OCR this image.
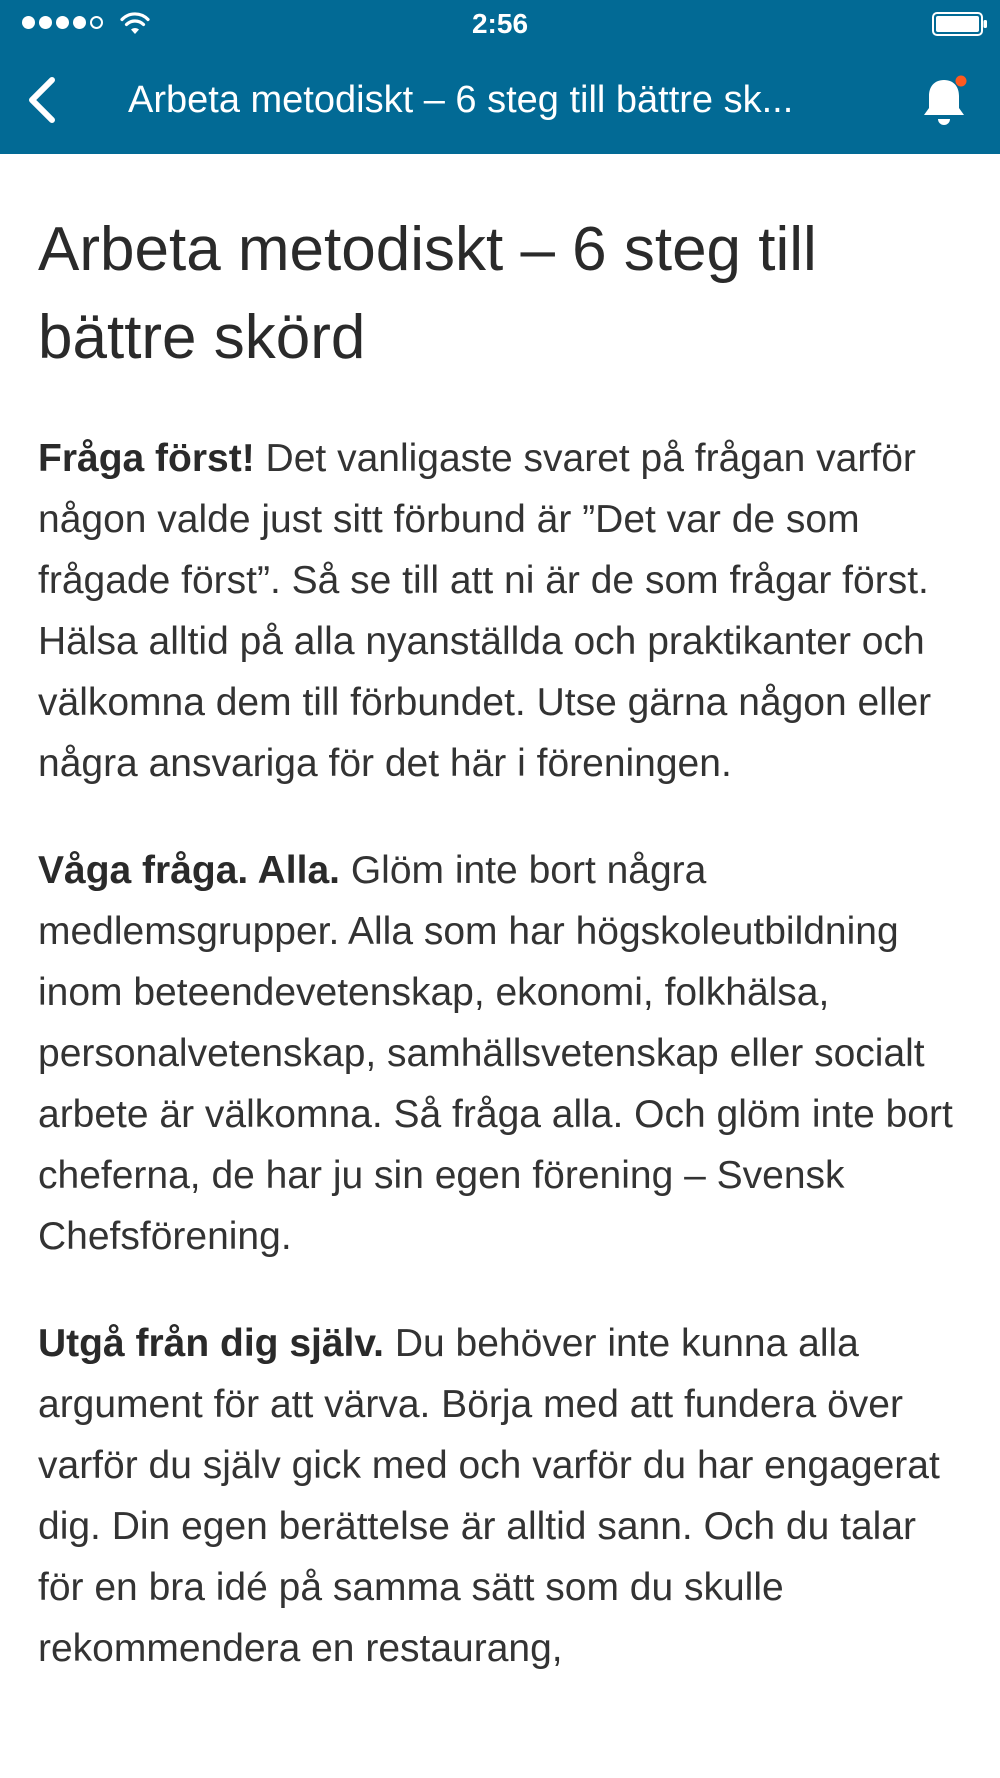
2:56
Arbeta metodiskt – 6 steg till bättre sk...
Arbeta metodiskt – 6 steg till bättre skörd

Fråga först! Det vanligaste svaret på frågan varför någon valde just sitt förbund är ”Det var de som frågade först”. Så se till att ni är de som frågar först. Hälsa alltid på alla nyanställda och praktikanter och välkomna dem till förbundet. Utse gärna någon eller några ansvariga för det här i föreningen.

Våga fråga. Alla. Glöm inte bort några medlemsgrupper. Alla som har högskoleutbildning inom beteendevetenskap, ekonomi, folkhälsa, personalvetenskap, samhällsvetenskap eller socialt arbete är välkomna. Så fråga alla. Och glöm inte bort cheferna, de har ju sin egen förening – Svensk Chefsförening.

Utgå från dig själv. Du behöver inte kunna alla argument för att värva. Börja med att fundera över varför du själv gick med och varför du har engagerat dig. Din egen berättelse är alltid sann. Och du talar för en bra idé på samma sätt som du skulle rekommendera en restaurang,
